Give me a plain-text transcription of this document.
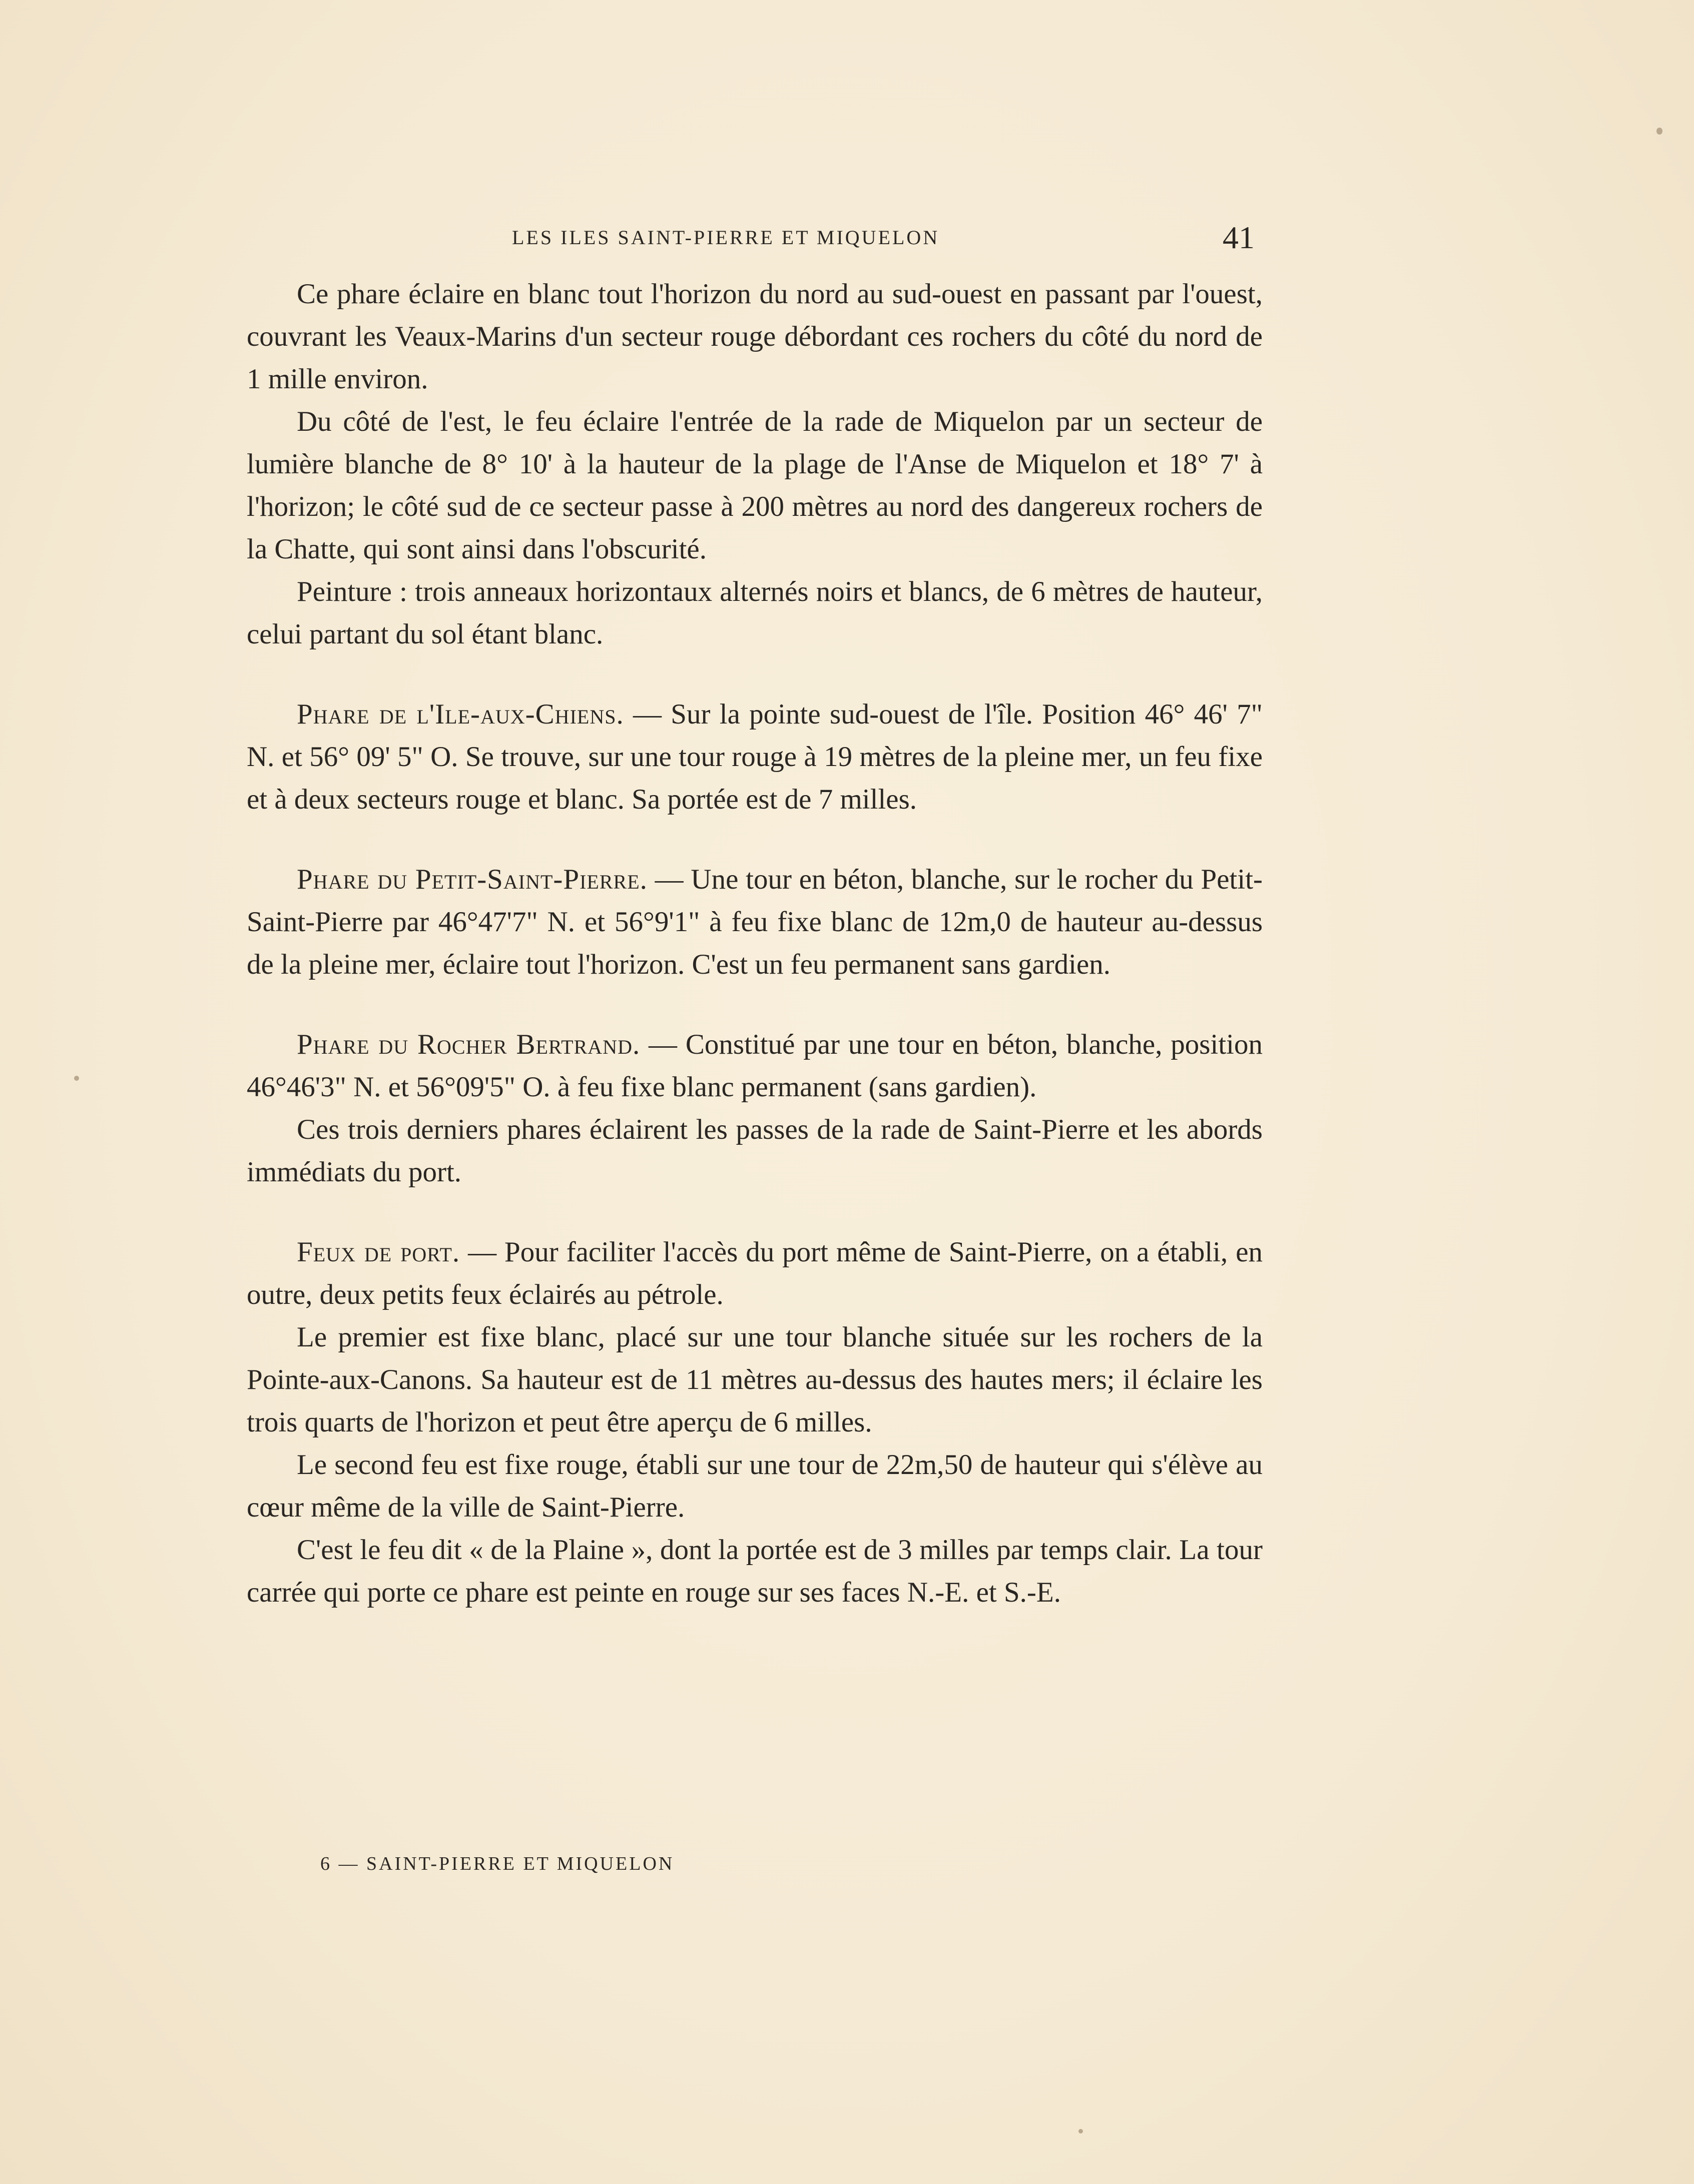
LES ILES SAINT-PIERRE ET MIQUELON	41

Ce phare éclaire en blanc tout l'horizon du nord au sud-ouest en passant par l'ouest, couvrant les Veaux-Marins d'un secteur rouge débordant ces rochers du côté du nord de 1 mille environ.

Du côté de l'est, le feu éclaire l'entrée de la rade de Miquelon par un secteur de lumière blanche de 8° 10' à la hauteur de la plage de l'Anse de Miquelon et 18° 7' à l'horizon; le côté sud de ce secteur passe à 200 mètres au nord des dangereux rochers de la Chatte, qui sont ainsi dans l'obscurité.

Peinture : trois anneaux horizontaux alternés noirs et blancs, de 6 mètres de hauteur, celui partant du sol étant blanc.

Phare de l'Ile-aux-Chiens. — Sur la pointe sud-ouest de l'île. Position 46° 46' 7" N. et 56° 09' 5" O. Se trouve, sur une tour rouge à 19 mètres de la pleine mer, un feu fixe et à deux secteurs rouge et blanc. Sa portée est de 7 milles.

Phare du Petit-Saint-Pierre. — Une tour en béton, blanche, sur le rocher du Petit-Saint-Pierre par 46°47'7" N. et 56°9'1" à feu fixe blanc de 12m,0 de hauteur au-dessus de la pleine mer, éclaire tout l'horizon. C'est un feu permanent sans gardien.

Phare du Rocher Bertrand. — Constitué par une tour en béton, blanche, position 46°46'3" N. et 56°09'5" O. à feu fixe blanc permanent (sans gardien).

Ces trois derniers phares éclairent les passes de la rade de Saint-Pierre et les abords immédiats du port.

Feux de port. — Pour faciliter l'accès du port même de Saint-Pierre, on a établi, en outre, deux petits feux éclairés au pétrole.

Le premier est fixe blanc, placé sur une tour blanche située sur les rochers de la Pointe-aux-Canons. Sa hauteur est de 11 mètres au-dessus des hautes mers; il éclaire les trois quarts de l'horizon et peut être aperçu de 6 milles.

Le second feu est fixe rouge, établi sur une tour de 22m,50 de hauteur qui s'élève au cœur même de la ville de Saint-Pierre.

C'est le feu dit « de la Plaine », dont la portée est de 3 milles par temps clair. La tour carrée qui porte ce phare est peinte en rouge sur ses faces N.-E. et S.-E.

6 — SAINT-PIERRE ET MIQUELON
